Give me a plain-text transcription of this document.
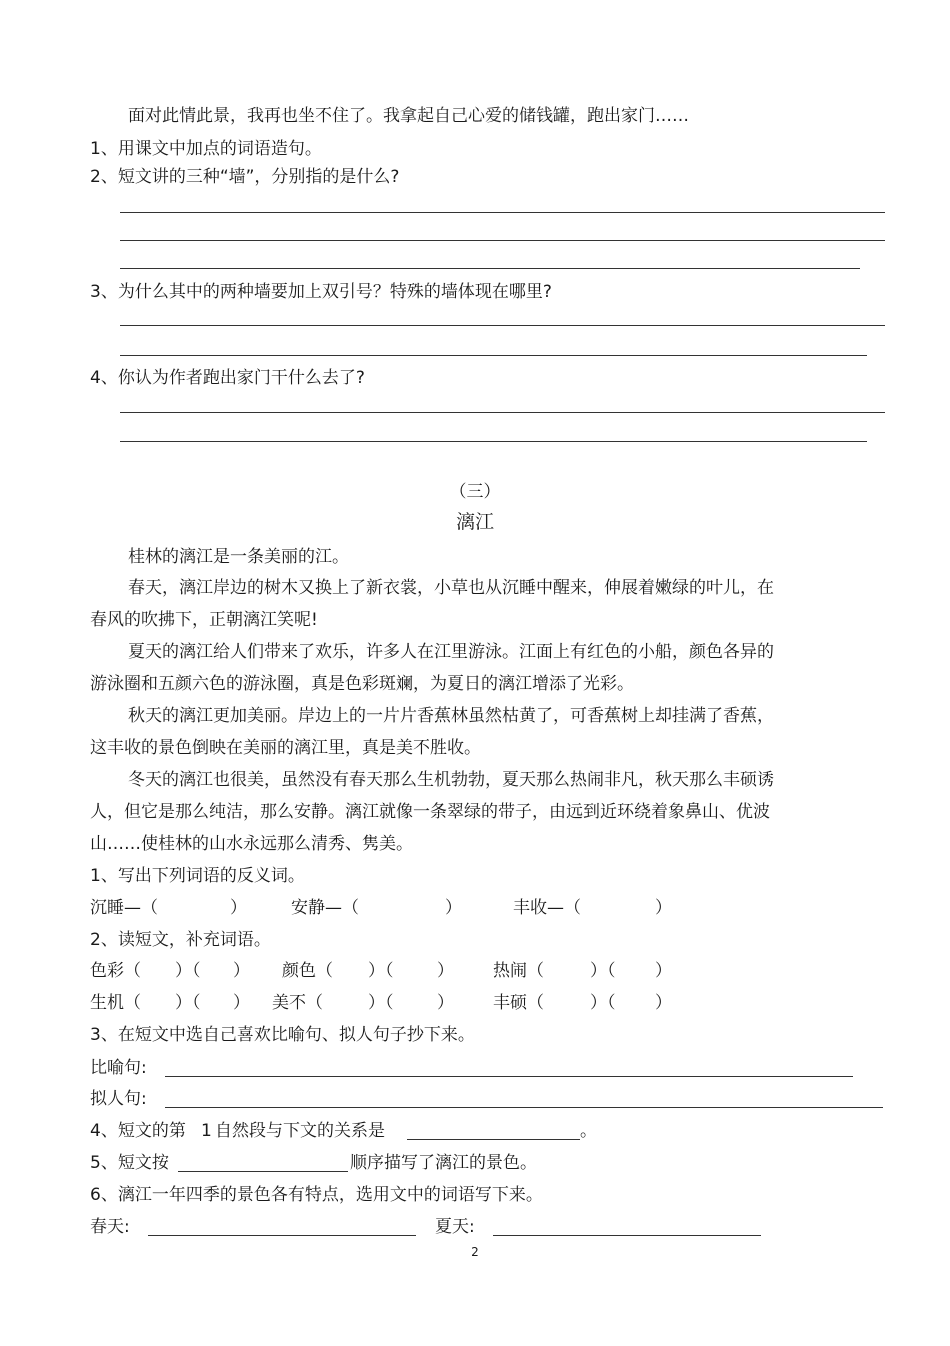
面对此情此景，我再也坐不住了。我拿起自己心爱的储钱罐，跑出家门……
1、用课文中加点的词语造句。
2、短文讲的三种“墙”，分别指的是什么?
3、为什么其中的两种墙要加上双引号？特殊的墙体现在哪里?
4、你认为作者跑出家门干什么去了?
（三）
漓江
桂林的漓江是一条美丽的江。
春天，漓江岸边的树木又换上了新衣裳，小草也从沉睡中醒来，伸展着嫩绿的叶儿，在
春风的吹拂下，正朝漓江笑呢!
夏天的漓江给人们带来了欢乐，许多人在江里游泳。江面上有红色的小船，颜色各异的
游泳圈和五颜六色的游泳圈，真是色彩斑斓，为夏日的漓江增添了光彩。
秋天的漓江更加美丽。岸边上的一片片香蕉林虽然枯黄了，可香蕉树上却挂满了香蕉，
这丰收的景色倒映在美丽的漓江里，真是美不胜收。
冬天的漓江也很美，虽然没有春天那么生机勃勃，夏天那么热闹非凡，秋天那么丰硕诱
人，但它是那么纯洁，那么安静。漓江就像一条翠绿的带子，由远到近环绕着象鼻山、优波
山……使桂林的山水永远那么清秀、隽美。
1、写出下列词语的反义词。
沉睡—（	）	安静—（	）	丰收—（	）
2、读短文，补充词语。
色彩（ ）（ ） 颜色（ ）（	） 热闹（	）（ ）
生机（ ）（ ） 美不（	）（	） 丰硕（	）（ ）
3、在短文中选自己喜欢比喻句、拟人句子抄下来。
比喻句:
拟人句:
4、短文的第 1 自然段与下文的关系是	。
5、短文按	顺序描写了漓江的景色。
6、漓江一年四季的景色各有特点，选用文中的词语写下来。
春天:	夏天:
2
